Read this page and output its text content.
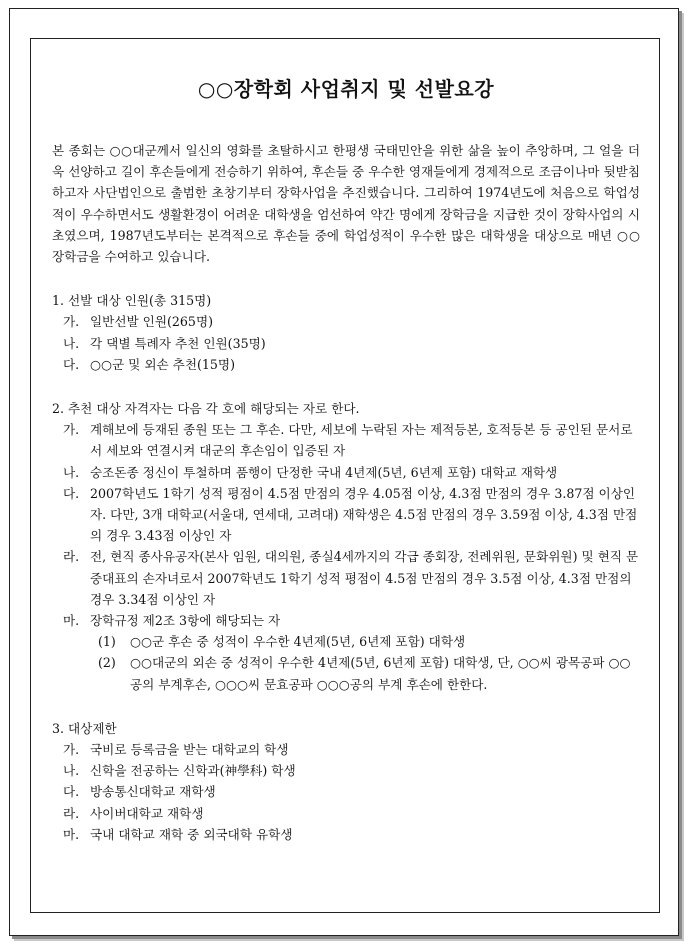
○○장학회 사업취지 및 선발요강

본 종회는 ○○대군께서 일신의 영화를 초탈하시고 한평생 국태민안을 위한 삶을 높이 추앙하며, 그 얼을 더욱 선양하고 길이 후손들에게 전승하기 위하여, 후손들 중 우수한 영재들에게 경제적으로 조금이나마 뒷받침하고자 사단법인으로 출범한 초창기부터 장학사업을 추진했습니다. 그리하여 1974년도에 처음으로 학업성적이 우수하면서도 생활환경이 어려운 대학생을 엄선하여 약간 명에게 장학금을 지급한 것이 장학사업의 시초였으며, 1987년도부터는 본격적으로 후손들 중에 학업성적이 우수한 많은 대학생을 대상으로 매년 ○○장학금을 수여하고 있습니다.

1. 선발 대상 인원(총 315명)

가. 일반선발 인원(265명)
나. 각 댁별 특례자 추천 인원(35명)
다. ○○군 및 외손 추천(15명)

2. 추천 대상 자격자는 다음 각 호에 해당되는 자로 한다.

가. 계해보에 등재된 종원 또는 그 후손. 다만, 세보에 누락된 자는 제적등본, 호적등본 등 공인된 문서로서 세보와 연결시켜 대군의 후손임이 입증된 자
나. 숭조돈종 정신이 투철하며 품행이 단정한 국내 4년제(5년, 6년제 포함) 대학교 재학생
다. 2007학년도 1학기 성적 평점이 4.5점 만점의 경우 4.05점 이상, 4.3점 만점의 경우 3.87점 이상인 자. 다만, 3개 대학교(서울대, 연세대, 고려대) 재학생은 4.5점 만점의 경우 3.59점 이상, 4.3점 만점의 경우 3.43점 이상인 자
라. 전, 현직 종사유공자(본사 임원, 대의원, 종실4세까지의 각급 종회장, 전례위원, 문화위원) 및 현직 문중대표의 손자녀로서 2007학년도 1학기 성적 평점이 4.5점 만점의 경우 3.5점 이상, 4.3점 만점의 경우 3.34점 이상인 자
마. 장학규정 제2조 3항에 해당되는 자
(1) ○○군 후손 중 성적이 우수한 4년제(5년, 6년제 포함) 대학생
(2) ○○대군의 외손 중 성적이 우수한 4년제(5년, 6년제 포함) 대학생, 단, ○○씨 광목공파 ○○공의 부계후손, ○○○씨 문효공파 ○○○공의 부계 후손에 한한다.

3. 대상제한

가. 국비로 등록금을 받는 대학교의 학생
나. 신학을 전공하는 신학과(神學科) 학생
다. 방송통신대학교 재학생
라. 사이버대학교 재학생
마. 국내 대학교 재학 중 외국대학 유학생
